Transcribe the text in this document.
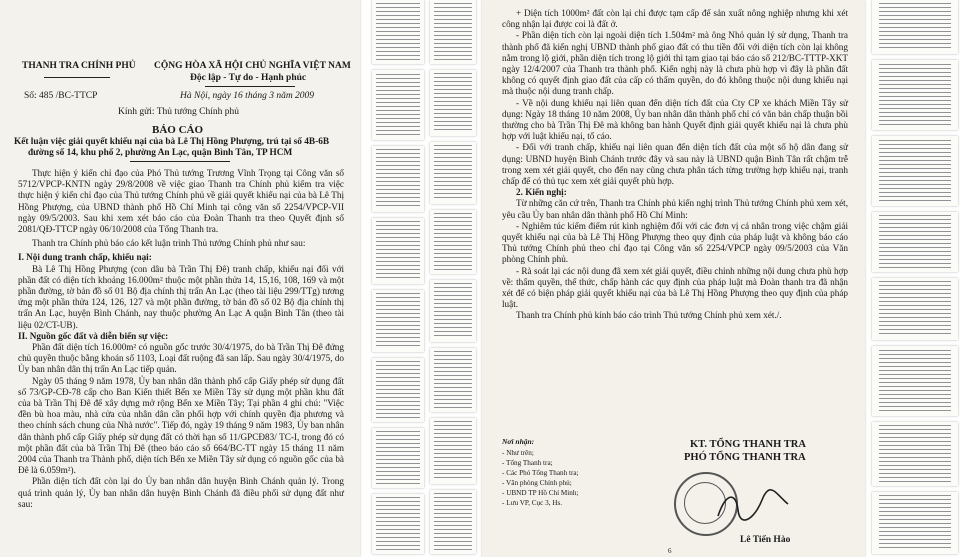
THANH TRA CHÍNH PHỦ CỘNG HÒA XÃ HỘI CHỦ NGHĨA VIỆT NAM
Độc lập - Tự do - Hạnh phúc
Số: 485 /BC-TTCP	Hà Nội, ngày 16 tháng 3 năm 2009
Kính gửi: Thủ tướng Chính phủ
BÁO CÁO
Kết luận việc giải quyết khiếu nại của bà Lê Thị Hồng Phượng, trú tại số 4B-6B
đường số 14, khu phố 2, phường An Lạc, quận Bình Tân, TP HCM

Thực hiện ý kiến chỉ đạo của Phó Thủ tướng Trương Vĩnh Trọng tại Công văn số 5712/VPCP-KNTN ngày 29/8/2008 về việc giao Thanh tra Chính phủ kiểm tra việc thực hiện ý kiến chỉ đạo của Thủ tướng Chính phủ về giải quyết khiếu nại của bà Lê Thị Hồng Phượng, của UBND thành phố Hồ Chí Minh tại công văn số 2254/VPCP-VII ngày 09/5/2003. Sau khi xem xét báo cáo của Đoàn Thanh tra theo Quyết định số 2081/QĐ-TTCP ngày 06/10/2008 của Tổng Thanh tra.

Thanh tra Chính phủ báo cáo kết luận trình Thủ tướng Chính phủ như sau:

I. Nội dung tranh chấp, khiếu nại:

Bà Lê Thị Hồng Phượng (con dâu bà Trần Thị Đê) tranh chấp, khiếu nại đối với phần đất có diện tích khoảng 16.000m² thuộc một phần thửa 14, 15,16, 108, 169 và một phần đường, tờ bản đồ số 01 Bộ địa chính thị trấn An Lạc (theo tài liệu 299/TTg) tương ứng một phần thửa 124, 126, 127 và một phần đường, tờ bản đồ số 02 Bộ địa chính thị trấn An Lạc, huyện Bình Chánh, nay thuộc phường An Lạc A quận Bình Tân (theo tài liệu 02/CT-UB).

II. Nguồn gốc đất và diễn biến sự việc:

Phần đất diện tích 16.000m² có nguồn gốc trước 30/4/1975, do bà Trần Thị Đê đứng chủ quyền thuộc bằng khoán số 1103, Loại đất ruộng đã san lấp. Sau ngày 30/4/1975, do Ủy ban nhân dân thị trấn An Lạc tiếp quản.

Ngày 05 tháng 9 năm 1978, Ủy ban nhân dân thành phố cấp Giấy phép sử dụng đất số 73/GP-CĐ-78 cấp cho Ban Kiến thiết Bến xe Miền Tây sử dụng một phần khu đất của bà Trần Thị Đê để xây dựng mở rộng Bến xe Miền Tây; Tại phần 4 ghi chú: "Việc đền bù hoa màu, nhà cửa của nhân dân cần phối hợp với chính quyền địa phương và theo chính sách chung của Nhà nước". Tiếp đó, ngày 19 tháng 9 năm 1983, Ủy ban nhân dân thành phố cấp Giấy phép sử dụng đất có thời hạn số 11/GPCĐ83/ TC-I, trong đó có một phần đất của bà Trần Thị Đê (theo báo cáo số 664/BC-TT ngày 15 tháng 11 năm 2004 của Thanh tra Thành phố, diện tích Bến xe Miền Tây sử dụng có nguồn gốc của bà Đê là 6.059m²).

Phần diện tích đất còn lại do Ủy ban nhân dân huyện Bình Chánh quản lý. Trong quá trình quản lý, Ủy ban nhân dân huyện Bình Chánh đã điều phối sử dụng đất như sau:

+ Diện tích 1000m² đất còn lại chỉ được tạm cấp để sản xuất nông nghiệp nhưng khi xét công nhận lại được coi là đất ở.

- Phần diện tích còn lại ngoài diện tích 1.504m² mà ông Nhỏ quản lý sử dụng, Thanh tra thành phố đã kiến nghị UBND thành phố giao đất có thu tiền đối với diện tích còn lại không nằm trong lộ giới, phần diện tích trong lộ giới thì tạm giao tại báo cáo số 212/BC-TTTP-XKT ngày 12/4/2007 của Thanh tra thành phố. Kiến nghị này là chưa phù hợp vì đây là phần đất không có quyết định giao đất của cấp có thẩm quyền, do đó không thuộc nội dung khiếu nại mà thuộc nội dung tranh chấp.

- Về nội dung khiếu nại liên quan đến diện tích đất của Cty CP xe khách Miền Tây sử dụng: Ngày 18 tháng 10 năm 2008, Ủy ban nhân dân thành phố chỉ có văn bản chấp thuận bồi thường cho bà Trần Thị Đê mà không ban hành Quyết định giải quyết khiếu nại là chưa phù hợp với luật khiếu nại, tố cáo.

- Đối với tranh chấp, khiếu nại liên quan đến diện tích đất của một số hộ dân đang sử dụng: UBND huyện Bình Chánh trước đây và sau này là UBND quận Bình Tân rất chậm trễ trong xem xét giải quyết, cho đến nay cũng chưa phân tách từng trường hợp khiếu nại, tranh chấp để có thủ tục xem xét giải quyết phù hợp.

2. Kiến nghị:

Từ những căn cứ trên, Thanh tra Chính phủ kiến nghị trình Thủ tướng Chính phủ xem xét, yêu cầu Ủy ban nhân dân thành phố Hồ Chí Minh:

- Nghiêm túc kiểm điểm rút kinh nghiệm đối với các đơn vị cá nhân trong việc chậm giải quyết khiếu nại của bà Lê Thị Hồng Phượng theo quy định của pháp luật và không báo cáo Thủ tướng Chính phủ theo chỉ đạo tại Công văn số 2254/VPCP ngày 09/5/2003 của Văn phòng Chính phủ.

- Rà soát lại các nội dung đã xem xét giải quyết, điều chỉnh những nội dung chưa phù hợp về: thẩm quyền, thể thức, chấp hành các quy định của pháp luật mà Đoàn thanh tra đã nhận xét để có biện pháp giải quyết khiếu nại của bà Lê Thị Hồng Phượng theo quy định của pháp luật.

Thanh tra Chính phủ kính báo cáo trình Thủ tướng Chính phủ xem xét./.

Nơi nhận:
- Như trên;
- Tổng Thanh tra;
- Các Phó Tổng Thanh tra;
- Văn phòng Chính phủ;
- UBND TP Hồ Chí Minh;
- Lưu VP, Cục 3, Hs.
KT. TỔNG THANH TRA
PHÓ TỔNG THANH TRA
Lê Tiến Hào
6
